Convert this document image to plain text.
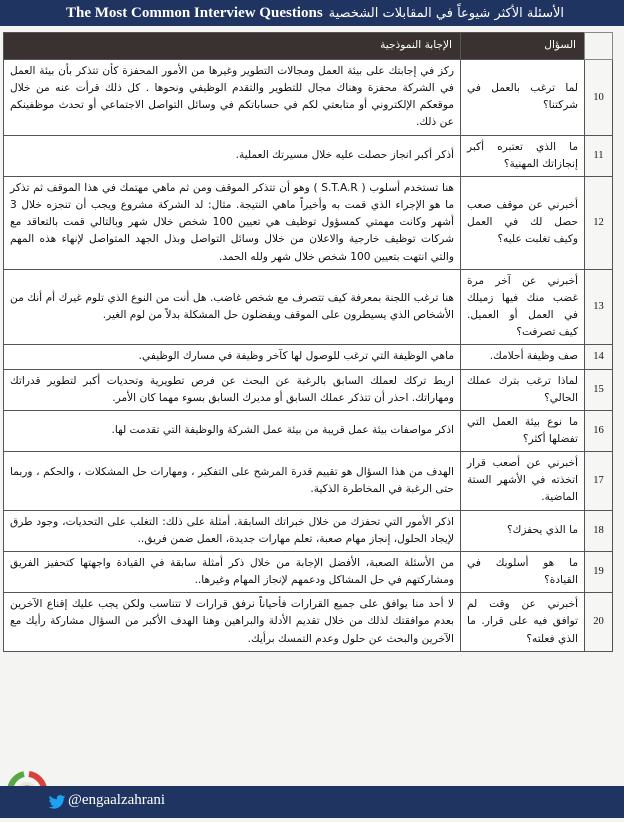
الأسئلة الأكثر شيوعاً في المقابلات الشخصية
The Most Common Interview Questions
	السؤال	الإجابة النموذجية
10	لما ترغب بالعمل في شركتنا؟	ركز في إجابتك على بيئة العمل ومجالات التطوير وغيرها من الأمور المحفزة كأن تتذكر بأن بيئة العمل في الشركة محفزة وهناك مجال للتطوير والتقدم الوظيفي ونحوها . كل ذلك قرأت عنه من خلال موقعكم الإلكتروني أو متابعتي لكم في حساباتكم في وسائل التواصل الاجتماعي أو تحدث موظفينكم عن ذلك.
11	ما الذي تعتبره أكبر إنجازاتك المهنية؟	أذكر أكبر انجاز حصلت عليه خلال مسيرتك العملية.
12	أخبرني عن موقف صعب حصل لك في العمل وكيف تغلبت عليه؟	هنا تستخدم أسلوب ( S.T.A.R ) وهو أن تتذكر الموقف ومن ثم ماهي مهتمك في هذا الموقف ثم تذكر ما هو الإجراء الذي قمت به وأخيراً ماهي النتيجة. مثال: لد الشركة مشروع ويجب أن تنجزه خلال 3 أشهر وكانت مهمتي كمسؤول توظيف هي تعيين 100 شخص خلال شهر وبالتالي قمت بالتعاقد مع شركات توظيف خارجية والاعلان من خلال وسائل التواصل وبذل الجهد المتواصل لإنهاء هذه المهم والتي انتهت بتعيين 100 شخص خلال شهر ولله الحمد.
13	أخبرني عن آخر مرة غضب منك فيها زميلك في العمل أو العميل. كيف تصرفت؟	هنا ترغب اللجنة بمعرفة كيف تتصرف مع شخص غاضب. هل أنت من النوع الذي تلوم غيرك أم أنك من الأشخاص الذي يسيطرون على الموقف ويفضلون حل المشكلة بدلاً من لوم الغير.
14	صف وظيفة أحلامك.	ماهي الوظيفة التي ترغب للوصول لها كآخر وظيفة في مسارك الوظيفي.
15	لماذا ترغب بترك عملك الحالي؟	اربط تركك لعملك السابق بالرغبة عن البحث عن فرص تطويرية وتحديات أكبر لتطوير قدراتك ومهاراتك. احذر أن تتذكر عملك السابق أو مديرك السابق بسوء مهما كان الأمر.
16	ما نوع بيئة العمل التي تفضلها أكثر؟	اذكر مواصفات بيئة عمل قريبة من بيئة عمل الشركة والوظيفة التي تقدمت لها.
17	أخبرني عن أصعب قرار اتخذته في الأشهر الستة الماضية.	الهدف من هذا السؤال هو تقييم قدرة المرشح على التفكير ، ومهارات حل المشكلات ، والحكم ، وربما حتى الرغبة في المخاطرة الذكية.
18	ما الذي يحفزك؟	اذكر الأمور التي تحفزك من خلال خبراتك السابقة. أمثلة على ذلك: التغلب على التحديات، وجود طرق لإيجاد الحلول، إنجاز مهام صعبة، تعلم مهارات جديدة، العمل ضمن فريق..
19	ما هو أسلوبك في القيادة؟	من الأسئلة الصعبة، الأفضل الإجابة من خلال ذكر أمثلة سابقة في القيادة واجهتها كتحفيز الفريق ومشاركتهم في حل المشاكل ودعمهم لإنجاز المهام وغيرها..
20	أخبرني عن وقت لم توافق فيه على قرار. ما الذي فعلته؟	لا أحد منا يوافق على جميع القرارات فأحياناً نرفق قرارات لا تتناسب ولكن يجب عليك إقناع الآخرين بعدم موافقتك لذلك من خلال تقديم الأدلة والبراهين وهنا الهدف الأكبر من السؤال مشاركة رأيك مع الآخرين والبحث عن حلول وعدم التمسك برأيك.
@engaalzahrani
